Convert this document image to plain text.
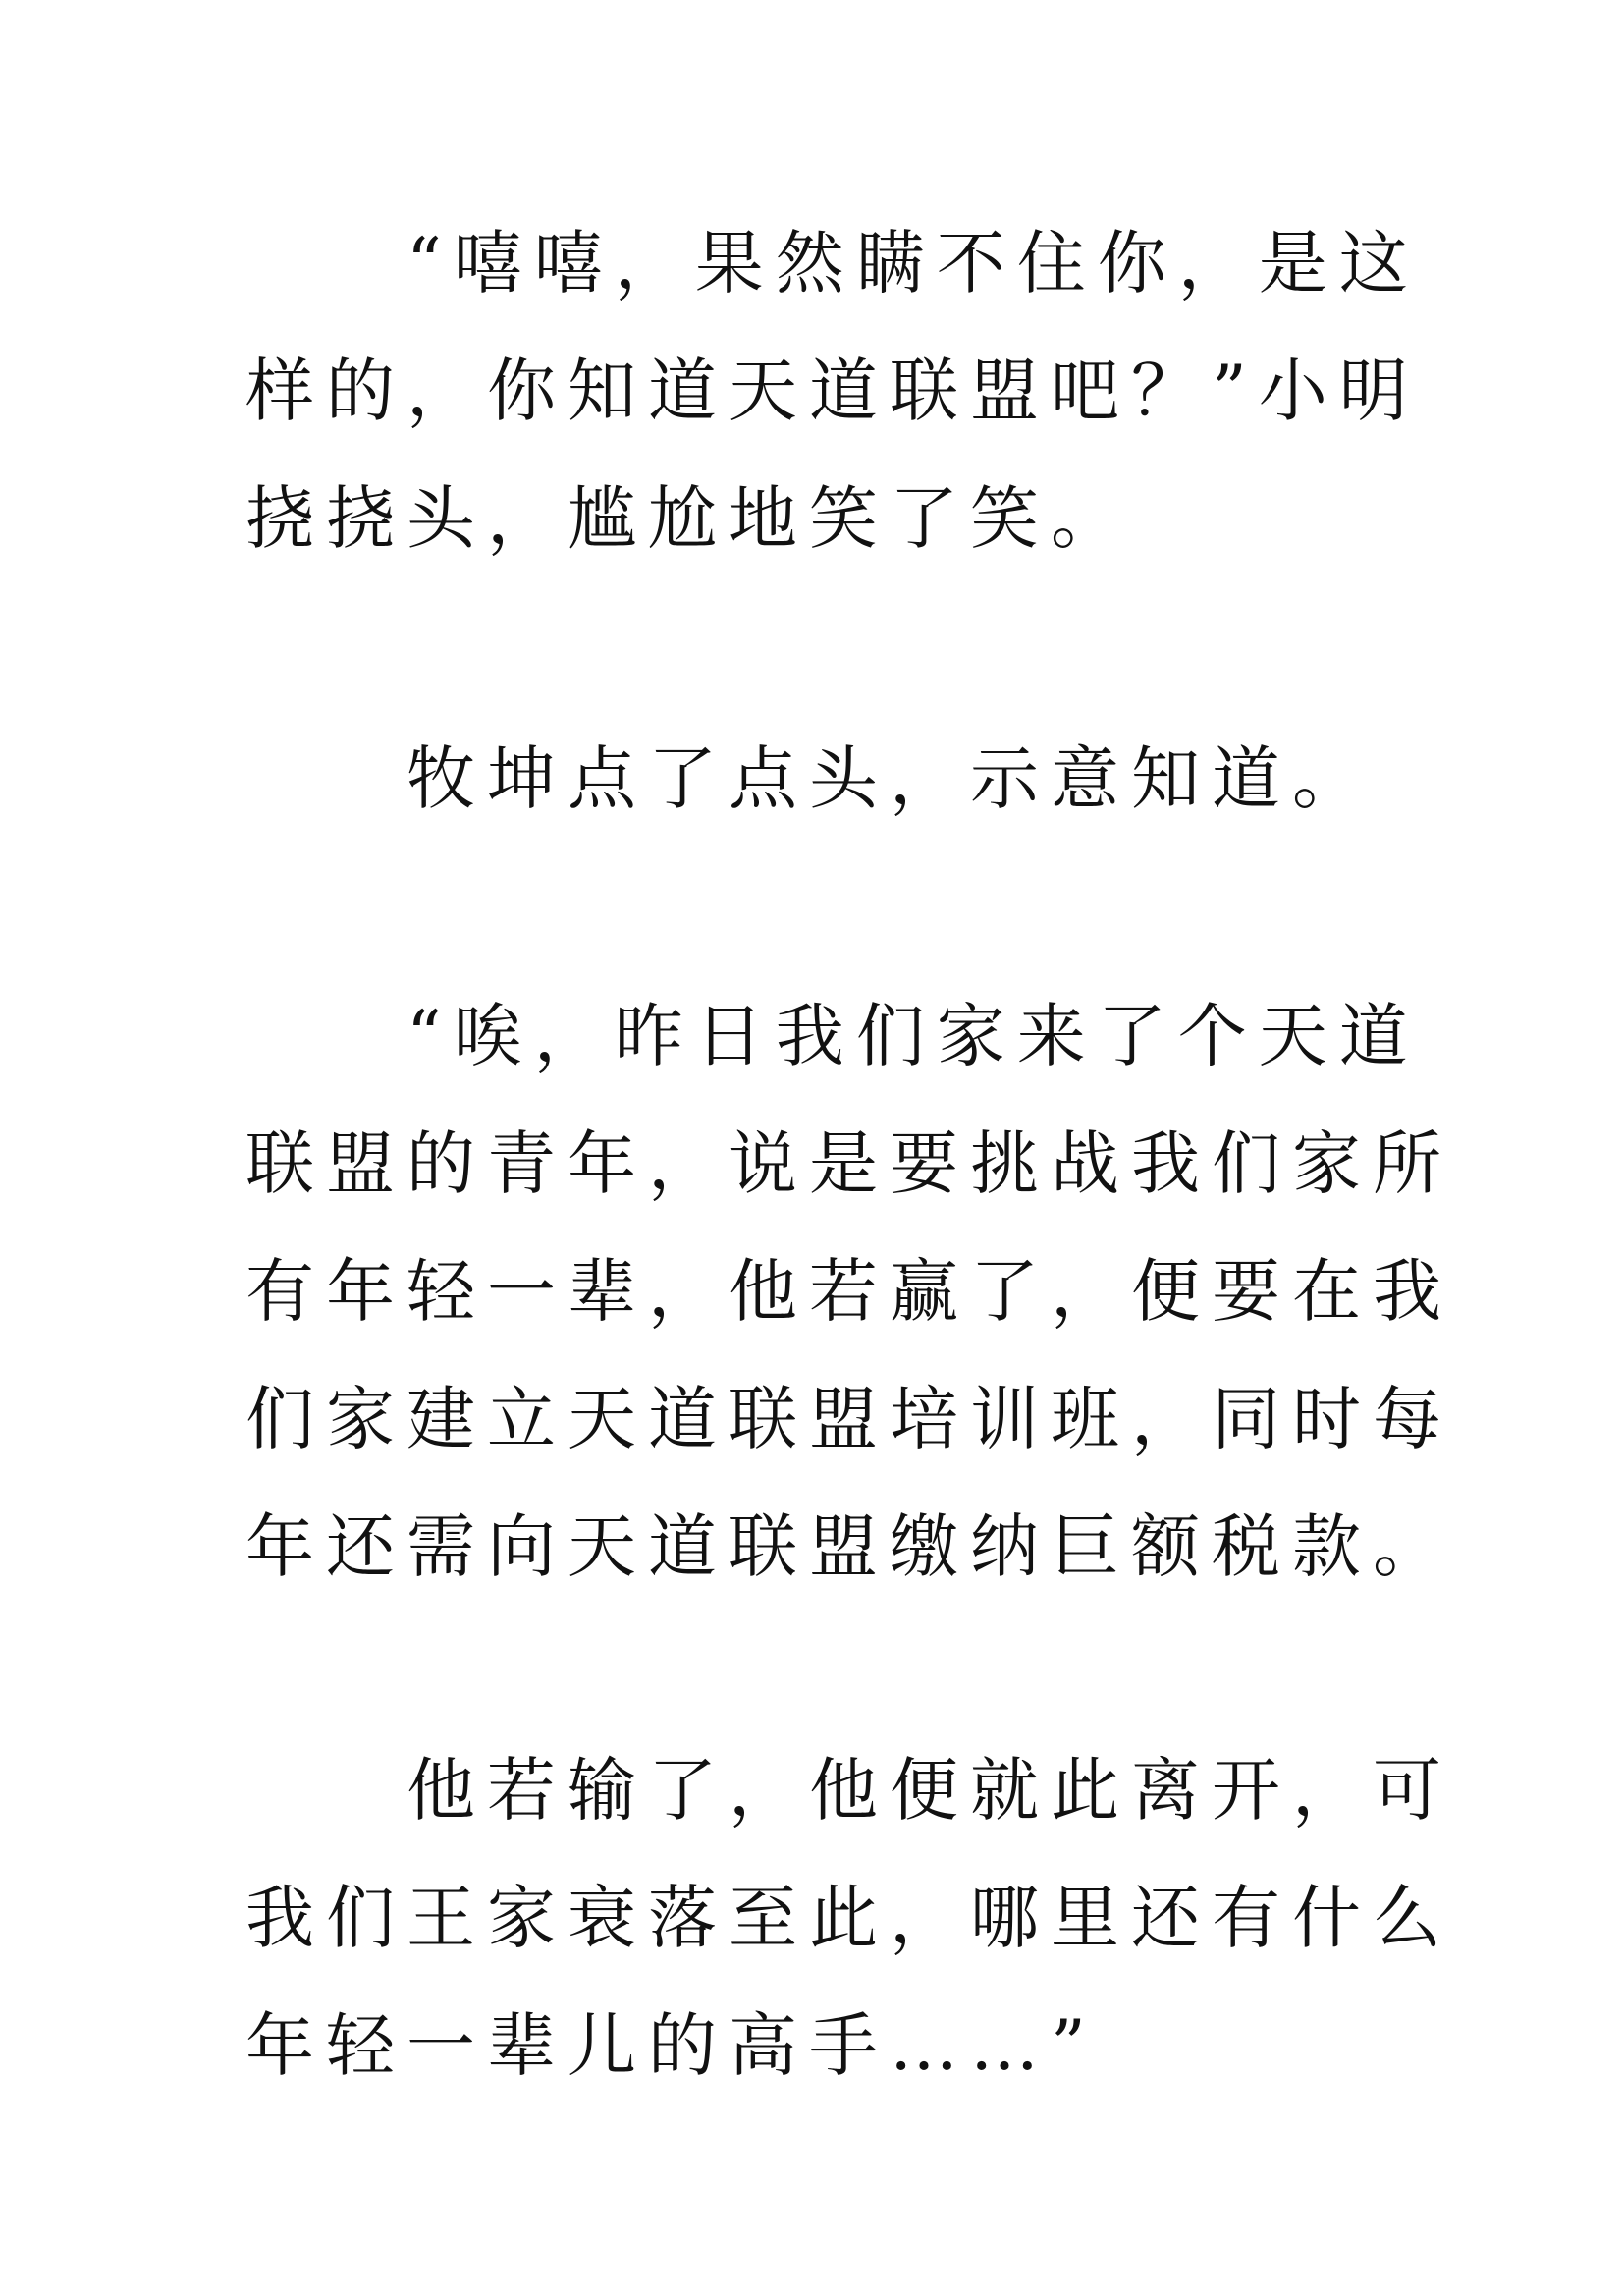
　　“嘻嘻，果然瞒不住你，是这
样的，你知道天道联盟吧？”小明
挠挠头，尴尬地笑了笑。
　　牧坤点了点头，示意知道。
　　“唉，昨日我们家来了个天道
联盟的青年，说是要挑战我们家所
有年轻一辈，他若赢了，便要在我
们家建立天道联盟培训班，同时每
年还需向天道联盟缴纳巨额税款。
　　他若输了，他便就此离开，可
我们王家衰落至此，哪里还有什么
年轻一辈儿的高手……”
